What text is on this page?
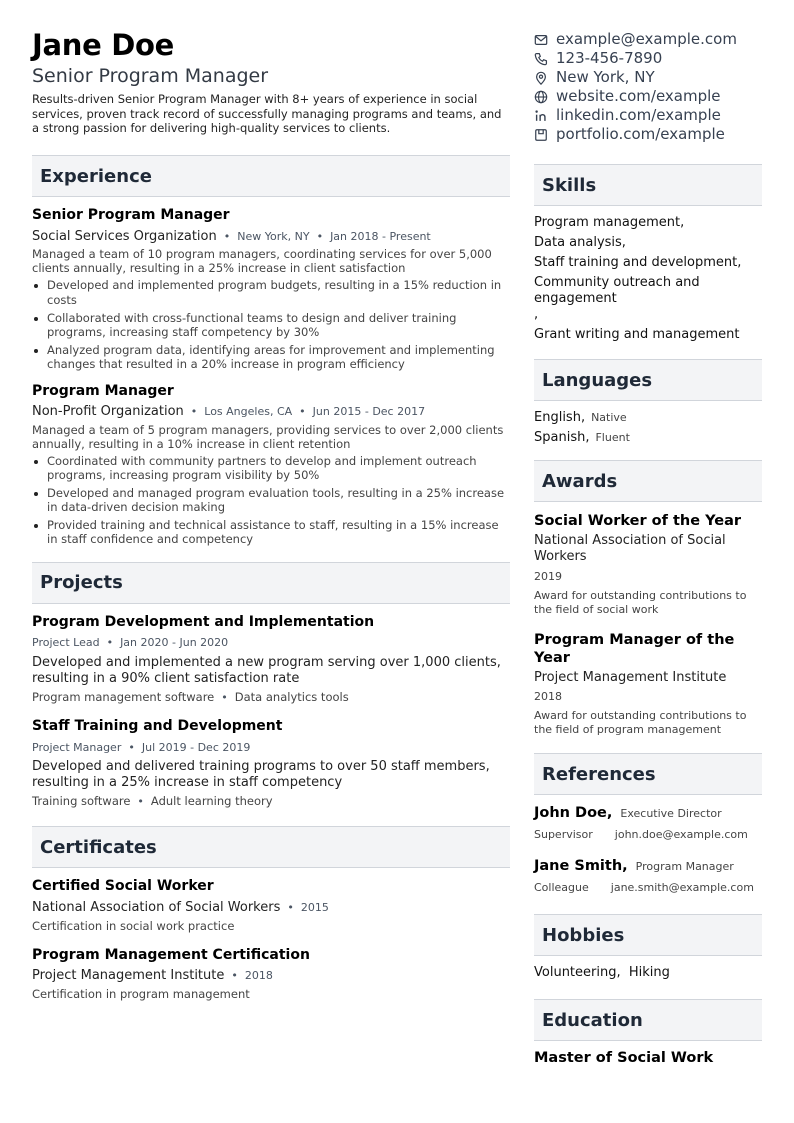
Jane Doe
Senior Program Manager
Results-driven Senior Program Manager with 8+ years of experience in social services, proven track record of successfully managing programs and teams, and a strong passion for delivering high-quality services to clients.
Experience
Senior Program Manager
Social Services Organization • New York, NY • Jan 2018 - Present
Managed a team of 10 program managers, coordinating services for over 5,000 clients annually, resulting in a 25% increase in client satisfaction
Developed and implemented program budgets, resulting in a 15% reduction in costs
Collaborated with cross-functional teams to design and deliver training programs, increasing staff competency by 30%
Analyzed program data, identifying areas for improvement and implementing changes that resulted in a 20% increase in program efficiency
Program Manager
Non-Profit Organization • Los Angeles, CA • Jun 2015 - Dec 2017
Managed a team of 5 program managers, providing services to over 2,000 clients annually, resulting in a 10% increase in client retention
Coordinated with community partners to develop and implement outreach programs, increasing program visibility by 50%
Developed and managed program evaluation tools, resulting in a 25% increase in data-driven decision making
Provided training and technical assistance to staff, resulting in a 15% increase in staff confidence and competency
Projects
Program Development and Implementation
Project Lead • Jan 2020 - Jun 2020
Developed and implemented a new program serving over 1,000 clients, resulting in a 90% client satisfaction rate
Program management software • Data analytics tools
Staff Training and Development
Project Manager • Jul 2019 - Dec 2019
Developed and delivered training programs to over 50 staff members, resulting in a 25% increase in staff competency
Training software • Adult learning theory
Certificates
Certified Social Worker
National Association of Social Workers • 2015
Certification in social work practice
Program Management Certification
Project Management Institute • 2018
Certification in program management
example@example.com
123-456-7890
New York, NY
website.com/example
linkedin.com/example
portfolio.com/example
Skills
Program management,
Data analysis,
Staff training and development,
Community outreach and engagement
,
Grant writing and management
Languages
English, Native
Spanish, Fluent
Awards
Social Worker of the Year
National Association of Social Workers
2019
Award for outstanding contributions to the field of social work
Program Manager of the Year
Project Management Institute
2018
Award for outstanding contributions to the field of program management
References
John Doe, Executive Director
Supervisor john.doe@example.com
Jane Smith, Program Manager
Colleague jane.smith@example.com
Hobbies
Volunteering,  Hiking
Education
Master of Social Work
